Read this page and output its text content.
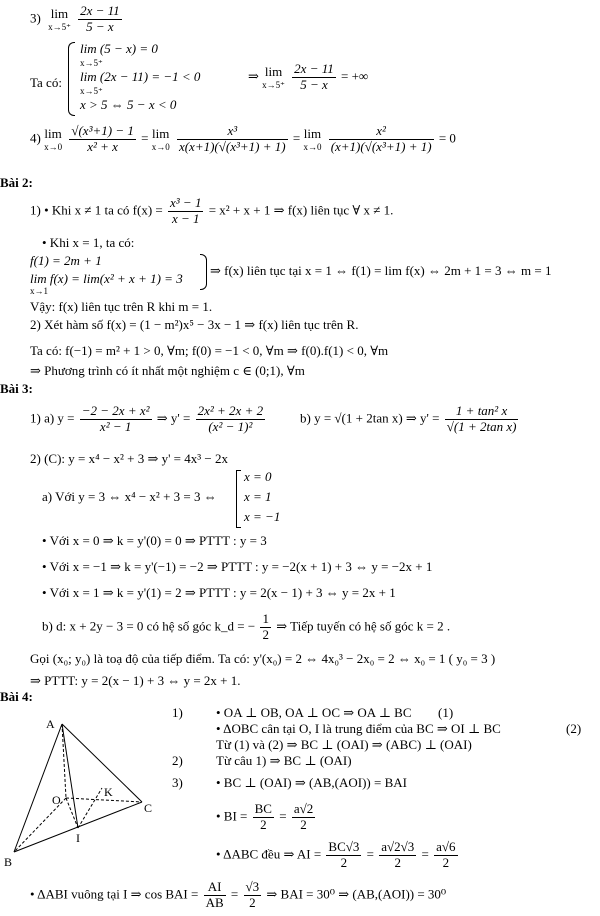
3) lim
x→5⁺
$\frac{2x - 11}{5 - x}$
Ta có:
lim (5 − x) = 0
x→5⁺
lim (2x − 11) = −1 < 0
x→5⁺
x > 5 ⇔ 5 − x < 0
⇒ lim
x→5⁺
$\frac{2x - 11}{5 - x}$ = +∞
4) lim
x→0
$\frac{\text{√(x³+1) − 1}}{\text{x² + x}} = \lim$
x→0
$\frac{\text{x³}}{\text{x(x+1)(√(x³+1) + 1)}} = \lim$
x→0
$\frac{\text{x²}}{\text{(x+1)(√(x³+1) + 1)}} = 0$
Bài 2:
1) • Khi x ≠ 1 ta có $f(x) = \frac{\text{x³ − 1}}{x - 1} = x^2 + x + 1$ ⇒ f(x) liên tục ∀ x ≠ 1.
• Khi x = 1, ta có:
f(1) = 2m + 1
lim f(x) = lim(x² + x + 1) = 3
x→1
⇒ f(x) liên tục tại x = 1 ⇔ f(1) = lim f(x) ⇔ 2m + 1 = 3 ⇔ m = 1
Vậy: f(x) liên tục trên R khi m = 1.
2) Xét hàm số f(x) = (1 − m²)x⁵ − 3x − 1 ⇒ f(x) liên tục trên R.
Ta có: f(−1) = m² + 1 > 0, ∀m; f(0) = −1 < 0, ∀m ⇒ f(0).f(1) < 0, ∀m
⇒ Phương trình có ít nhất một nghiệm c ∈ (0;1), ∀m
Bài 3:
1) a) $y = \frac{\text{−2 − 2x + x²}}{\text{x² − 1}}$ ⇒ $y' = \frac{\text{2x² + 2x + 2}}{\text{(x² − 1)²}}$	b) y = √(1 + 2tan x) ⇒ $y' = \frac{\text{1 + tan² x}}{\text{√(1 + 2tan x)}}$
2) (C): y = x⁴ − x² + 3 ⇒ y' = 4x³ − 2x
a) Với y = 3 ⇔ x⁴ − x² + 3 = 3 ⇔
x = 0
x = 1
x = −1
• Với x = 0 ⇒ k = y'(0) = 0 ⇒ PTTT : y = 3
• Với x = −1 ⇒ k = y'(−1) = −2 ⇒ PTTT : y = −2(x + 1) + 3 ⇔ y = −2x + 1
• Với x = 1 ⇒ k = y'(1) = 2 ⇒ PTTT : y = 2(x − 1) + 3 ⇔ y = 2x + 1
b) d: x + 2y − 3 = 0 có hệ số góc k_d = − $\frac{1}{2}$ ⇒ Tiếp tuyến có hệ số góc k = 2 .
Gọi (x₀; y₀) là toạ độ của tiếp điểm. Ta có: y'(x₀) = 2 ⇔ 4x₀³ − 2x₀ = 2 ⇔ x₀ = 1 ( y₀ = 3 )
⇒ PTTT: y = 2(x − 1) + 3 ⇔ y = 2x + 1.
Bài 4:
A
B
C
O
K
I
1)	• OA ⊥ OB, OA ⊥ OC ⇒ OA ⊥ BC (1)
• ΔOBC cân tại O, I là trung điểm của BC ⇒ OI ⊥ BC	(2)
Từ (1) và (2) ⇒ BC ⊥ (OAI) ⇒ (ABC) ⊥ (OAI)
2)	Từ câu 1) ⇒ BC ⊥ (OAI)
3)	• BC ⊥ (OAI) ⇒ (AB,(AOI)) = BAI
• BI = $\frac{BC}{2} = \frac{a√2}{2}$
• ΔABC đều ⇒ AI = $\frac{BC√3}{2} = \frac{a√2√3}{2} = \frac{a√6}{2}$
• ΔABI vuông tại I ⇒ cos BAI = $\frac{AI}{AB} = \frac{√3}{2}$ ⇒ BAI = 30⁰ ⇒ (AB,(AOI)) = 30⁰
